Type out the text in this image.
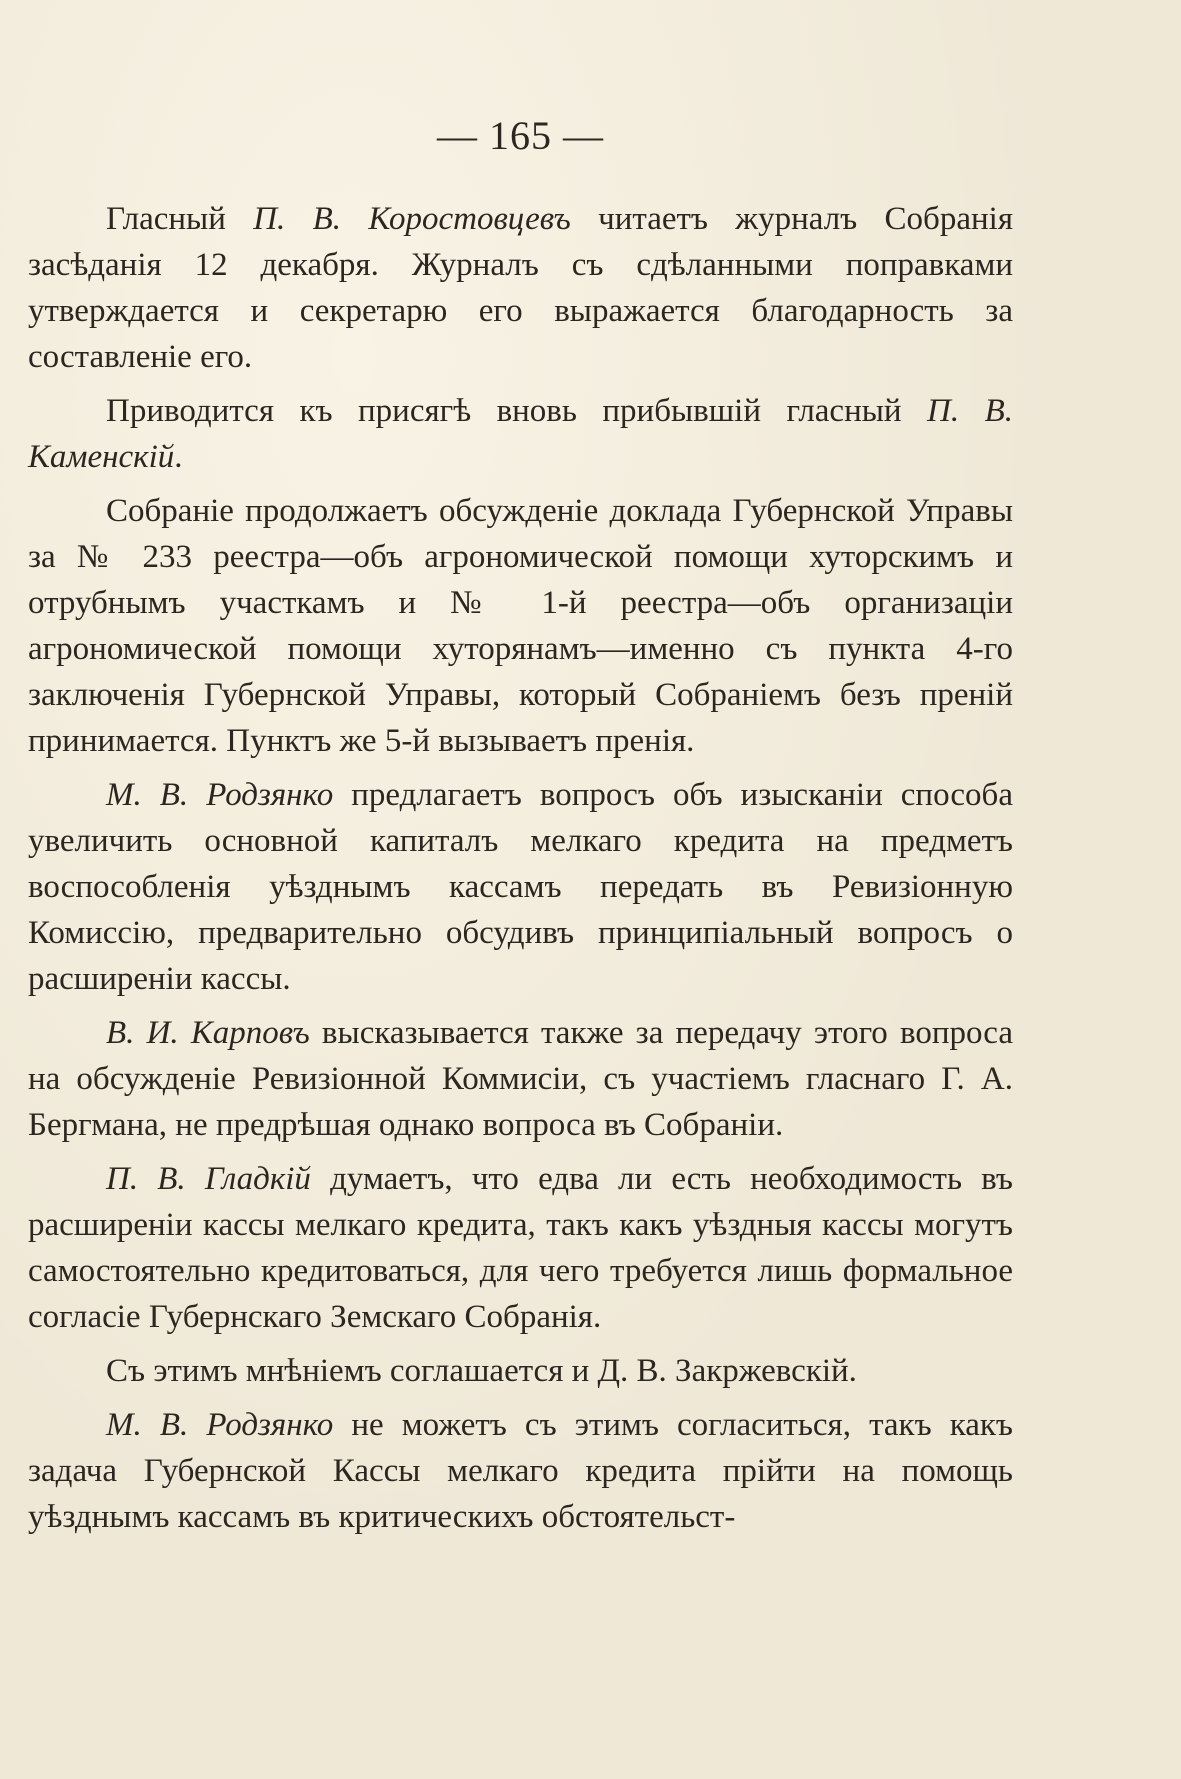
— 165 —

Гласный П. В. Коростовцевъ читаетъ журналъ Собранія засѣданія 12 декабря. Журналъ съ сдѣланными поправками утверждается и секретарю его выражается благодарность за составленіе его.

Приводится къ присягѣ вновь прибывшій гласный П. В. Каменскій.

Собраніе продолжаетъ обсужденіе доклада Губернской Управы за № 233 реестра—объ агрономической помощи хуторскимъ и отрубнымъ участкамъ и № 1-й реестра—объ организаціи агрономической помощи хуторянамъ—именно съ пункта 4-го заключенія Губернской Управы, который Собраніемъ безъ преній принимается. Пунктъ же 5-й вызываетъ пренія.

М. В. Родзянко предлагаетъ вопросъ объ изысканіи способа увеличить основной капиталъ мелкаго кредита на предметъ воспособленія уѣзднымъ кассамъ передать въ Ревизіонную Комиссію, предварительно обсудивъ принципіальный вопросъ о расширеніи кассы.

В. И. Карповъ высказывается также за передачу этого вопроса на обсужденіе Ревизіонной Коммисіи, съ участіемъ гласнаго Г. А. Бергмана, не предрѣшая однако вопроса въ Собраніи.

П. В. Гладкій думаетъ, что едва ли есть необходимость въ расширеніи кассы мелкаго кредита, такъ какъ уѣздныя кассы могутъ самостоятельно кредитоваться, для чего требуется лишь формальное согласіе Губернскаго Земскаго Собранія.

Съ этимъ мнѣніемъ соглашается и Д. В. Закржевскій.

М. В. Родзянко не можетъ съ этимъ согласиться, такъ какъ задача Губернской Кассы мелкаго кредита прійти на помощь уѣзднымъ кассамъ въ критическихъ обстоятельст-
